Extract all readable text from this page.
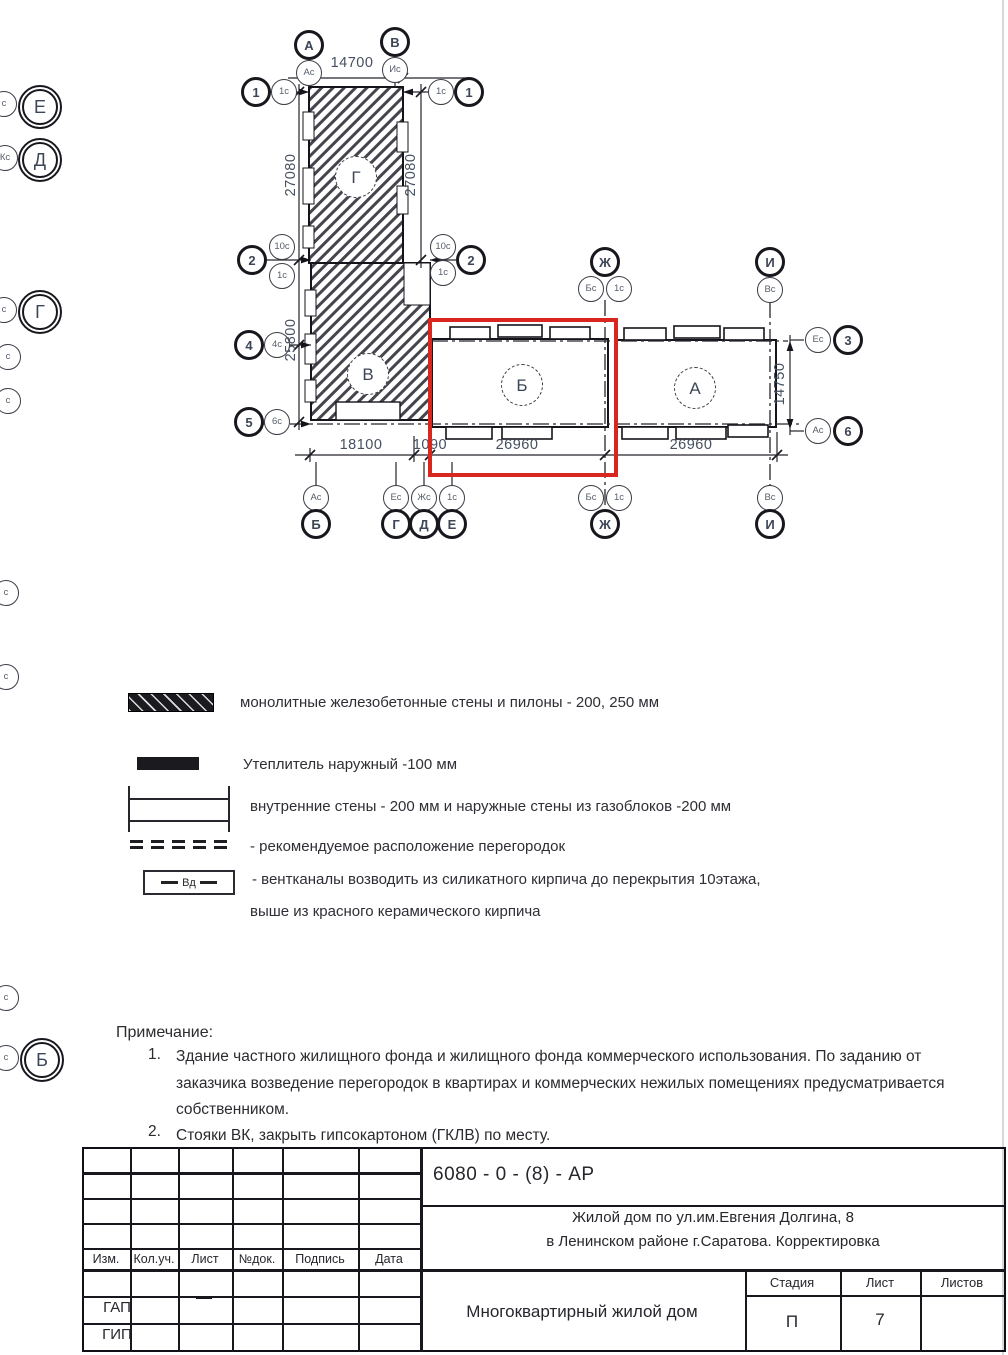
А
Ас
В
Ис
1	1с	1с	1
2
10с
1с
10с
1с
2
4	4с
5	6с
Ж
Бс	1с
И
Вс
Ес	3
Ас	6
Ас
Б
Ес	Жс	1с
Г	Д	Е
Бс	1с
Ж
Вс
И
с	Е
Кс	Д
с	Г
с
с
с
с
с
с	Б
Г
В
Б	А
14700
27080	27080
25800
18100	1090	26960	26960
14750
монолитные железобетонные стены и пилоны - 200, 250 мм
Утеплитель наружный -100 мм
внутренние стены - 200 мм и наружные стены из газоблоков -200 мм
- рекомендуемое расположение перегородок
Вд	- вентканалы возводить из силикатного кирпича до перекрытия 10этажа,
выше из красного керамического кирпича
Примечание:
1. Здание частного жилищного фонда и жилищного фонда коммерческого использования. По заданию от заказчика возведение перегородок в квартирах и коммерческих нежилых помещениях предусматривается собственником.
2. Стояки ВК, закрыть гипсокартоном (ГКЛВ) по месту.
Изм. Кол.уч. Лист №док. Подпись Дата
ГАП
ГИП
6080 - 0 - (8) - АР
Жилой дом по ул.им.Евгения Долгина, 8
в Ленинском районе г.Саратова. Корректировка
Многоквартирный жилой дом
Стадия	Лист	Листов
П	7
